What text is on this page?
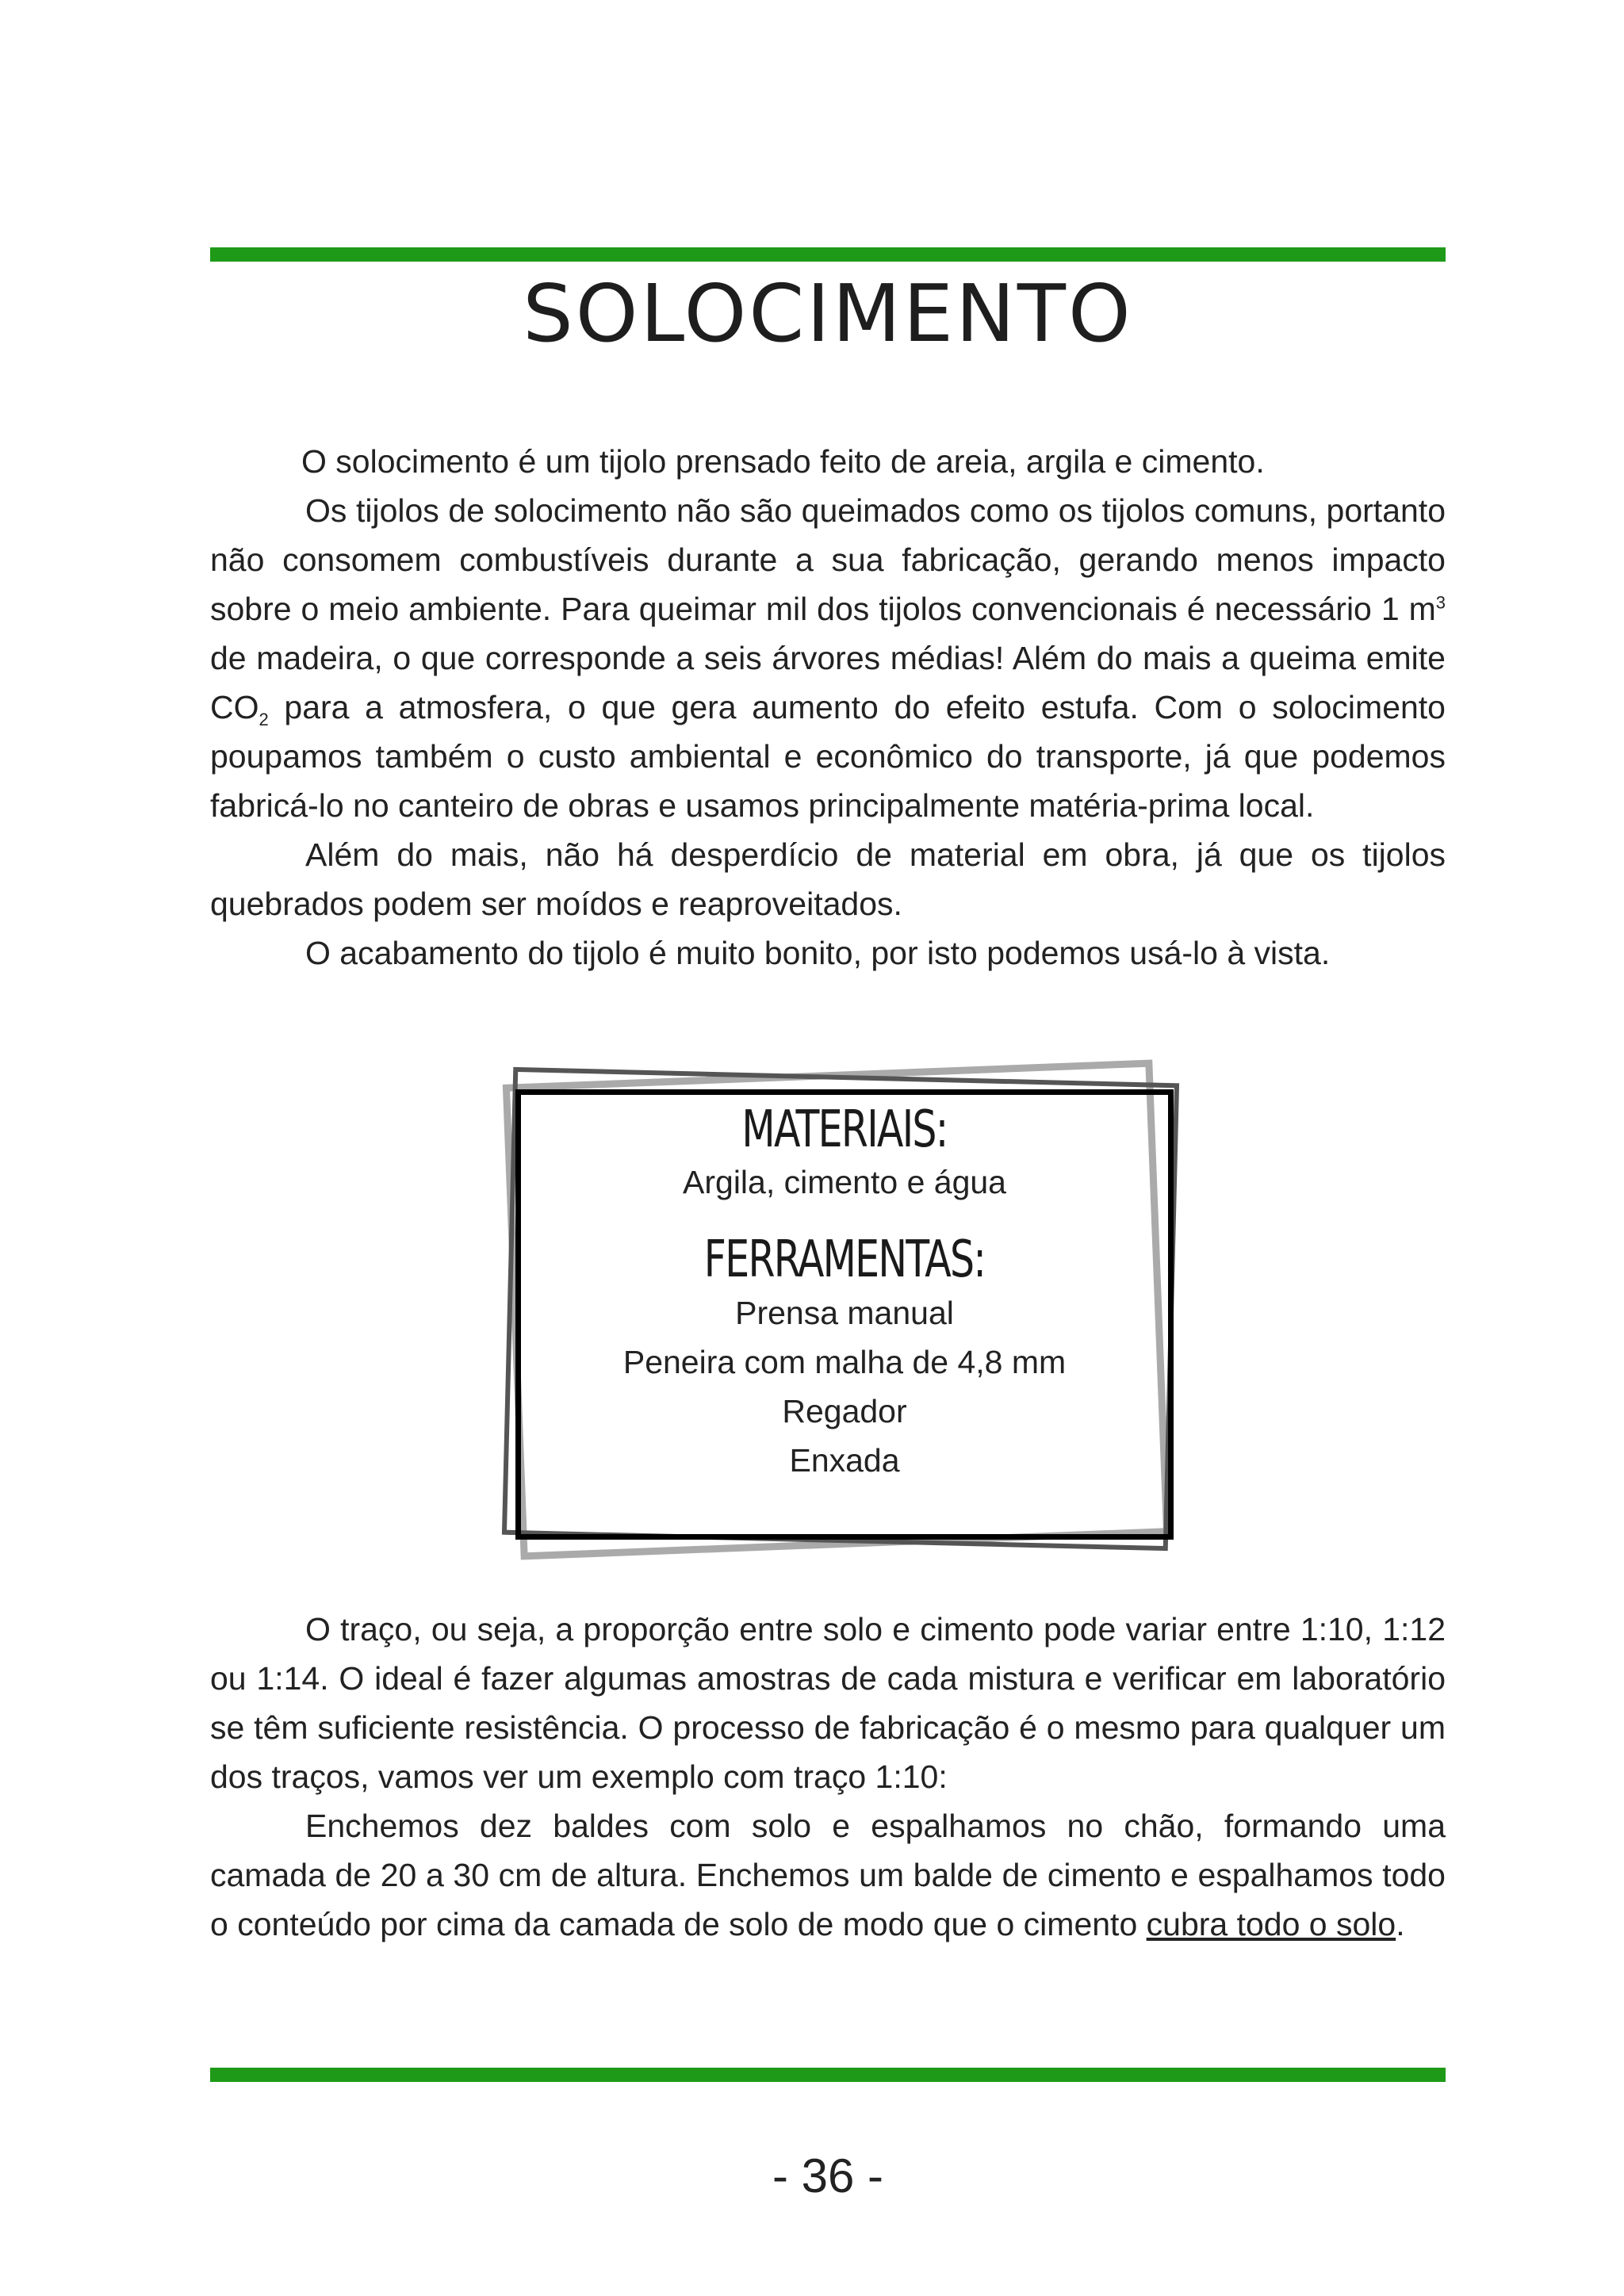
SOLOCIMENTO

O solocimento é um tijolo prensado feito de areia, argila e cimento.

Os tijolos de solocimento não são queimados como os tijolos comuns, portanto não consomem combustíveis durante a sua fabricação, gerando menos impacto sobre o meio ambiente. Para queimar mil dos tijolos convencionais é necessário 1 $m^3$ de madeira, o que corresponde a seis árvores médias! Além do mais a queima emite $CO_2$ para a atmosfera, o que gera aumento do efeito estufa. Com o solocimento poupamos também o custo ambiental e econômico do transporte, já que podemos fabricá-lo no canteiro de obras e usamos principalmente matéria-prima local.

Além do mais, não há desperdício de material em obra, já que os tijolos quebrados podem ser moídos e reaproveitados.

O acabamento do tijolo é muito bonito, por isto podemos usá-lo à vista.

MATERIAIS:

Argila, cimento e água

FERRAMENTAS:

Prensa manual

Peneira com malha de 4,8 mm

Regador

Enxada

O traço, ou seja, a proporção entre solo e cimento pode variar entre 1:10, 1:12 ou 1:14. O ideal é fazer algumas amostras de cada mistura e verificar em laboratório se têm suficiente resistência. O processo de fabricação é o mesmo para qualquer um dos traços, vamos ver um exemplo com traço 1:10:

Enchemos dez baldes com solo e espalhamos no chão, formando uma camada de 20 a 30 cm de altura. Enchemos um balde de cimento e espalhamos todo o conteúdo por cima da camada de solo de modo que o cimento cubra todo o solo.

- 36 -
